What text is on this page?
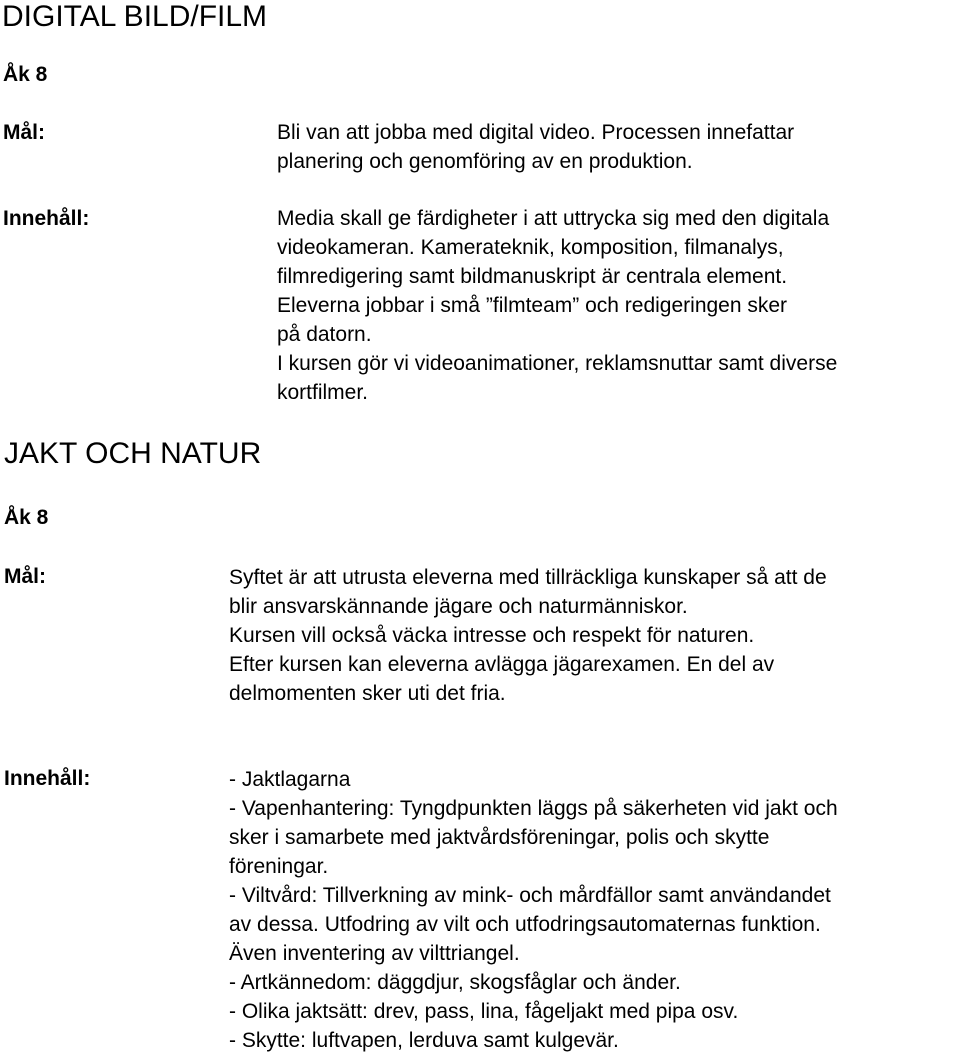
DIGITAL BILD/FILM
Åk 8
Mål:	Bli van att jobba med digital video. Processen innefattar
planering och genomföring av en produktion.
Innehåll:	Media skall ge färdigheter i att uttrycka sig med den digitala
videokameran. Kamerateknik, komposition, filmanalys,
filmredigering samt bildmanuskript är centrala element.
Eleverna jobbar i små ”filmteam” och redigeringen sker
på datorn.
I kursen gör vi videoanimationer, reklamsnuttar samt diverse
kortfilmer.
JAKT OCH NATUR
Åk 8
Mål:	Syftet är att utrusta eleverna med tillräckliga kunskaper så att de
blir ansvarskännande jägare och naturmänniskor.
Kursen vill också väcka intresse och respekt för naturen.
Efter kursen kan eleverna avlägga jägarexamen. En del av
delmomenten sker uti det fria.
Innehåll:	- Jaktlagarna
- Vapenhantering: Tyngdpunkten läggs på säkerheten vid jakt och
sker i samarbete med jaktvårdsföreningar, polis och skytte
föreningar.
- Viltvård: Tillverkning av mink- och mårdfällor samt användandet
av dessa. Utfodring av vilt och utfodringsautomaternas funktion.
Även inventering av vilttriangel.
- Artkännedom: däggdjur, skogsfåglar och änder.
- Olika jaktsätt: drev, pass, lina, fågeljakt med pipa osv.
- Skytte: luftvapen, lerduva samt kulgevär.
